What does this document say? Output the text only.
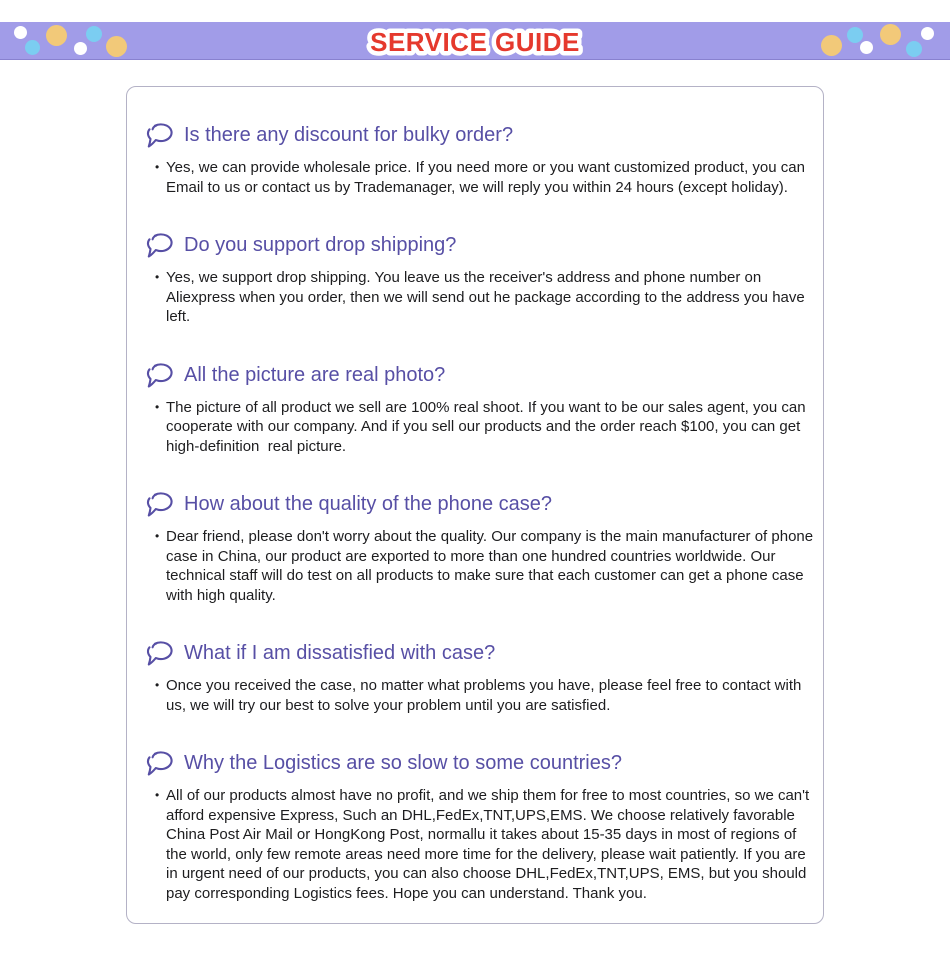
SERVICE GUIDE
Is there any discount for bulky order?

• Yes, we can provide wholesale price. If you need more or you want customized product, you can Email to us or contact us by Trademanager, we will reply you within 24 hours (except holiday).

Do you support drop shipping?

• Yes, we support drop shipping. You leave us the receiver's address and phone number on Aliexpress when you order, then we will send out he package according to the address you have left.

All the picture are real photo?

• The picture of all product we sell are 100% real shoot. If you want to be our sales agent, you can cooperate with our company. And if you sell our products and the order reach $100, you can get high-definition  real picture.

How about the quality of the phone case?

• Dear friend, please don't worry about the quality. Our company is the main manufacturer of phone case in China, our product are exported to more than one hundred countries worldwide. Our technical staff will do test on all products to make sure that each customer can get a phone case with high quality.

What if I am dissatisfied with case?

• Once you received the case, no matter what problems you have, please feel free to contact with us, we will try our best to solve your problem until you are satisfied.

Why the Logistics are so slow to some countries?

• All of our products almost have no profit, and we ship them for free to most countries, so we can't afford expensive Express, Such an DHL,FedEx,TNT,UPS,EMS. We choose relatively favorable China Post Air Mail or HongKong Post, normallu it takes about 15-35 days in most of regions of the world, only few remote areas need more time for the delivery, please wait patiently. If you are in urgent need of our products, you can also choose DHL,FedEx,TNT,UPS, EMS, but you should pay corresponding Logistics fees. Hope you can understand. Thank you.
